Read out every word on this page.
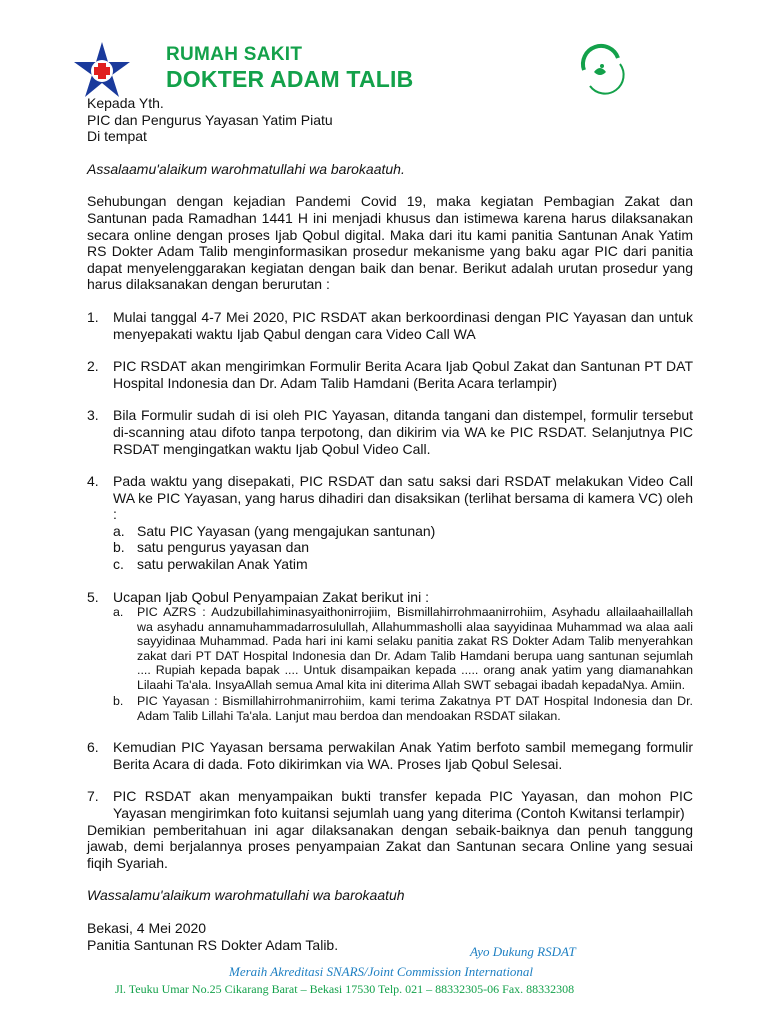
RUMAH SAKIT
DOKTER ADAM TALIB

Kepada Yth.

PIC dan Pengurus Yayasan Yatim Piatu

Di tempat

Assalaamu'alaikum warohmatullahi wa barokaatuh.

Sehubungan dengan kejadian Pandemi Covid 19, maka kegiatan Pembagian Zakat dan Santunan pada Ramadhan 1441 H ini menjadi khusus dan istimewa karena harus dilaksanakan secara online dengan proses Ijab Qobul digital. Maka dari itu kami panitia Santunan Anak Yatim RS Dokter Adam Talib menginformasikan prosedur mekanisme yang baku agar PIC dari panitia dapat menyelenggarakan kegiatan dengan baik dan benar. Berikut adalah urutan prosedur yang harus dilaksanakan dengan berurutan :

1. Mulai tanggal 4-7 Mei 2020, PIC RSDAT akan berkoordinasi dengan PIC Yayasan dan untuk menyepakati waktu Ijab Qabul dengan cara Video Call WA
2. PIC RSDAT akan mengirimkan Formulir Berita Acara Ijab Qobul Zakat dan Santunan PT DAT Hospital Indonesia dan Dr. Adam Talib Hamdani (Berita Acara terlampir)
3. Bila Formulir sudah di isi oleh PIC Yayasan, ditanda tangani dan distempel, formulir tersebut di-scanning atau difoto tanpa terpotong, dan dikirim via WA ke PIC RSDAT. Selanjutnya PIC RSDAT mengingatkan waktu Ijab Qobul Video Call.
4. Pada waktu yang disepakati, PIC RSDAT dan satu saksi dari RSDAT melakukan Video Call WA ke PIC Yayasan, yang harus dihadiri dan disaksikan (terlihat bersama di kamera VC) oleh :
a. Satu PIC Yayasan (yang mengajukan santunan)
b. satu pengurus yayasan dan
c. satu perwakilan Anak Yatim
5. Ucapan Ijab Qobul Penyampaian Zakat berikut ini :
a. PIC AZRS : Audzubillahiminasyaithonirrojiim, Bismillahirrohmaanirrohiim, Asyhadu allailaahaillallah wa asyhadu annamuhammadarrosulullah, Allahummasholli alaa sayyidinaa Muhammad wa alaa aali sayyidinaa Muhammad. Pada hari ini kami selaku panitia zakat RS Dokter Adam Talib menyerahkan zakat dari PT DAT Hospital Indonesia dan Dr. Adam Talib Hamdani berupa uang santunan sejumlah .... Rupiah kepada bapak .... Untuk disampaikan kepada ..... orang anak yatim yang diamanahkan Lilaahi Ta'ala. InsyaAllah semua Amal kita ini diterima Allah SWT sebagai ibadah kepadaNya. Amiin.
b. PIC Yayasan : Bismillahirrohmanirrohiim, kami terima Zakatnya PT DAT Hospital Indonesia dan Dr. Adam Talib Lillahi Ta'ala. Lanjut mau berdoa dan mendoakan RSDAT silakan.
6. Kemudian PIC Yayasan bersama perwakilan Anak Yatim berfoto sambil memegang formulir Berita Acara di dada. Foto dikirimkan via WA. Proses Ijab Qobul Selesai.
7. PIC RSDAT akan menyampaikan bukti transfer kepada PIC Yayasan, dan mohon PIC Yayasan mengirimkan foto kuitansi sejumlah uang yang diterima (Contoh Kwitansi terlampir)

Demikian pemberitahuan ini agar dilaksanakan dengan sebaik-baiknya dan penuh tanggung jawab, demi berjalannya proses penyampaian Zakat dan Santunan secara Online yang sesuai fiqih Syariah.

Wassalamu'alaikum warohmatullahi wa barokaatuh

Bekasi, 4 Mei 2020

Panitia Santunan RS Dokter Adam Talib.	Ayo Dukung RSDAT
Meraih Akreditasi SNARS/Joint Commission International
Jl. Teuku Umar No.25 Cikarang Barat – Bekasi 17530 Telp. 021 – 88332305-06 Fax. 88332308
